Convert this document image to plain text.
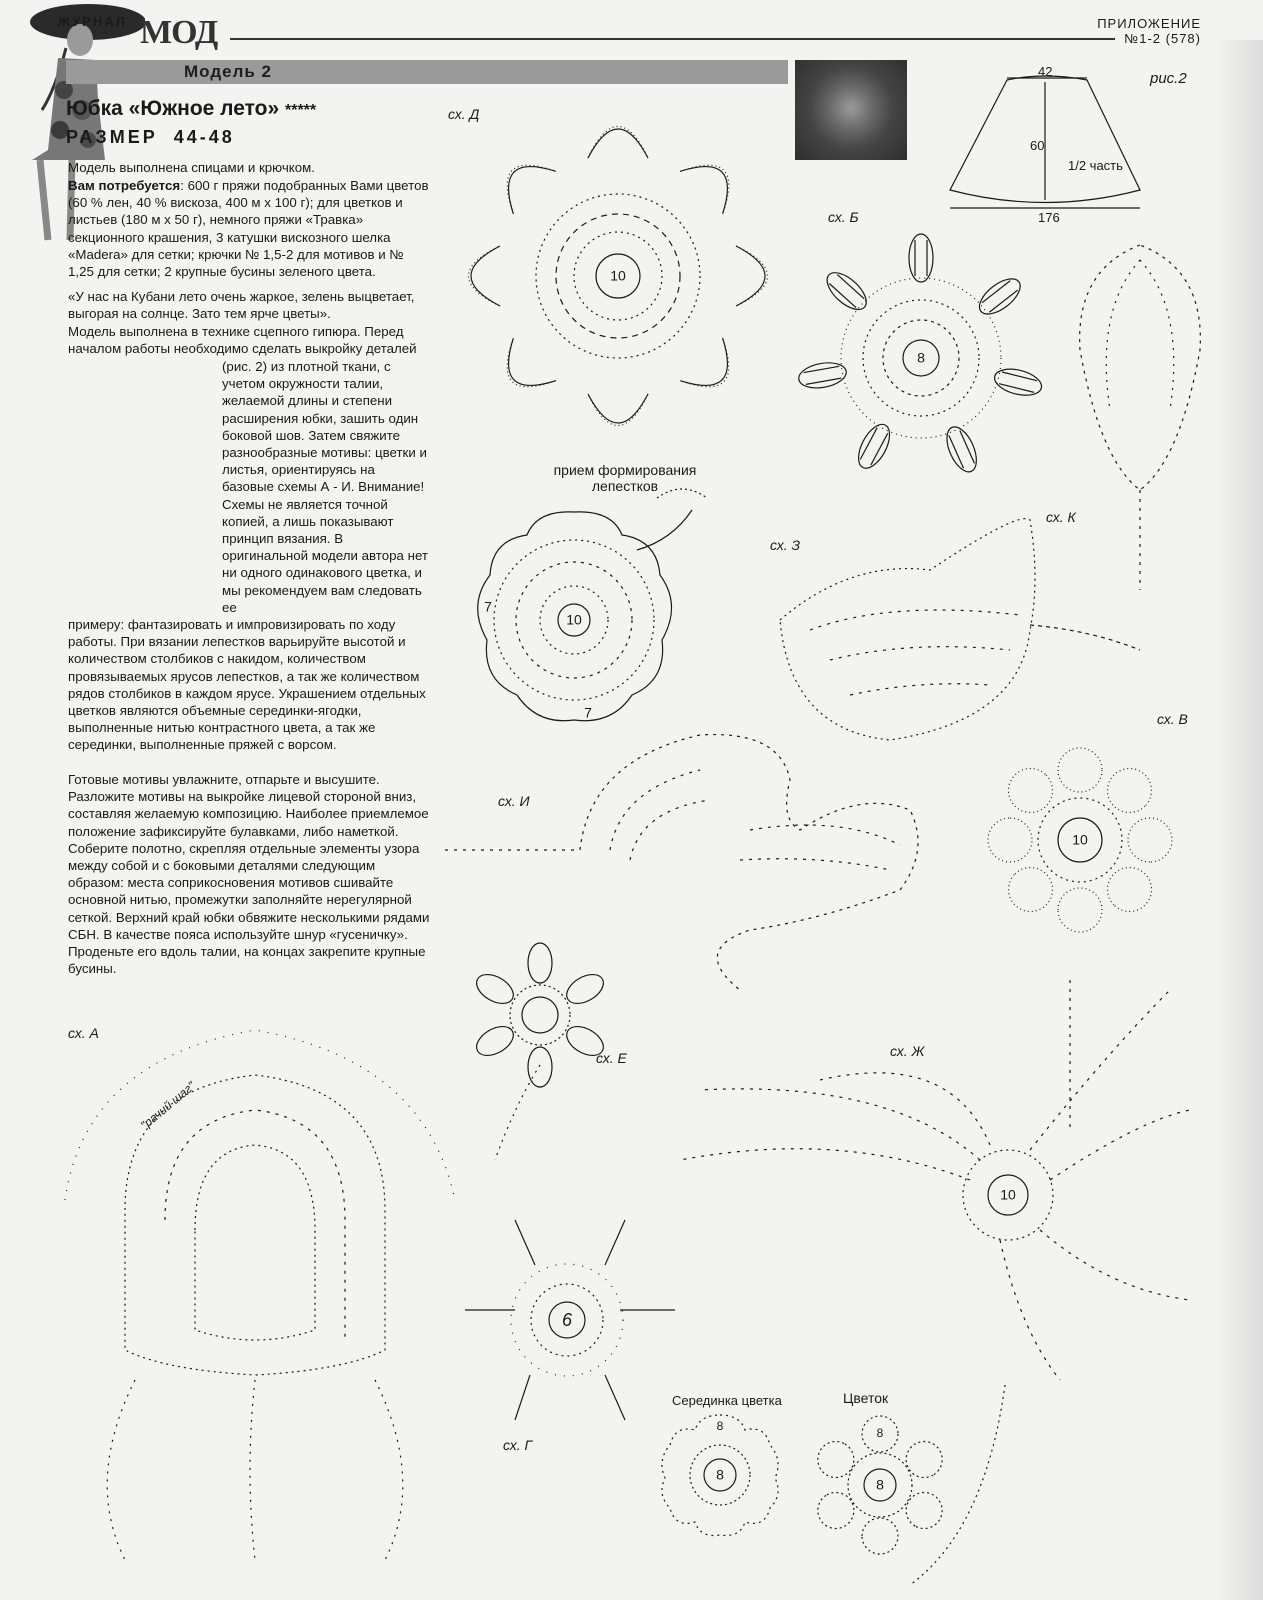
ЖУРНАЛ МОД	ПРИЛОЖЕНИЕ
№1-2 (578)
Модель 2
Юбка «Южное лето» *****
РАЗМЕР 44-48

Модель выполнена спицами и крючком.

Вам потребуется: 600 г пряжи подобранных Вами цветов (60 % лен, 40 % вискоза, 400 м х 100 г); для цветков и листьев (180 м х 50 г), немного пряжи «Травка» секционного крашения, 3 катушки вискозного шелка «Madera» для сетки; крючки № 1,5-2 для мотивов и № 1,25 для сетки; 2 крупные бусины зеленого цвета.

«У нас на Кубани лето очень жаркое, зелень выцветает, выгорая на солнце. Зато тем ярче цветы».

Модель выполнена в технике сцепного гипюра. Перед началом работы необходимо сделать выкройку деталей

(рис. 2) из плотной ткани, с учетом окружности талии, желаемой длины и степени расширения юбки, зашить один боковой шов. Затем свяжите разнообразные мотивы: цветки и листья, ориентируясь на базовые схемы А - И. Внимание! Схемы не является точной копией, а лишь показывают принцип вязания. В оригинальной модели автора нет ни одного одинакового цветка, и мы рекомендуем вам следовать ее

примеру: фантазировать и импровизировать по ходу работы. При вязании лепестков варьируйте высотой и количеством столбиков с накидом, количеством провязываемых ярусов лепестков, а так же количеством рядов столбиков в каждом ярусе. Украшением отдельных цветков являются объемные серединки-ягодки, выполненные нитью контрастного цвета, а так же серединки, выполненные пряжей с ворсом.

Готовые мотивы увлажните, отпарьте и высушите. Разложите мотивы на выкройке лицевой стороной вниз, составляя желаемую композицию. Наиболее приемлемое положение зафиксируйте булавками, либо наметкой. Соберите полотно, скрепляя отдельные элементы узора между собой и с боковыми деталями следующим образом: места соприкосновения мотивов сшивайте основной нитью, промежутки заполняйте нерегулярной сеткой. Верхний край юбки обвяжите несколькими рядами СБН. В качестве пояса используйте шнур «гусеничку». Проденьте его вдоль талии, на концах закрепите крупные бусины.

рис.2
42
60
1/2 часть
176
сх. Д
сх. Б
сх. К
сх. З
сх. В
сх. И
сх. Е
сх. А
сх. Ж
сх. Г
прием формирования лепестков
Серединка цветка	Цветок
10
8
10
7
7
10
"рачий шаг"
10
6
8
8
8
8
